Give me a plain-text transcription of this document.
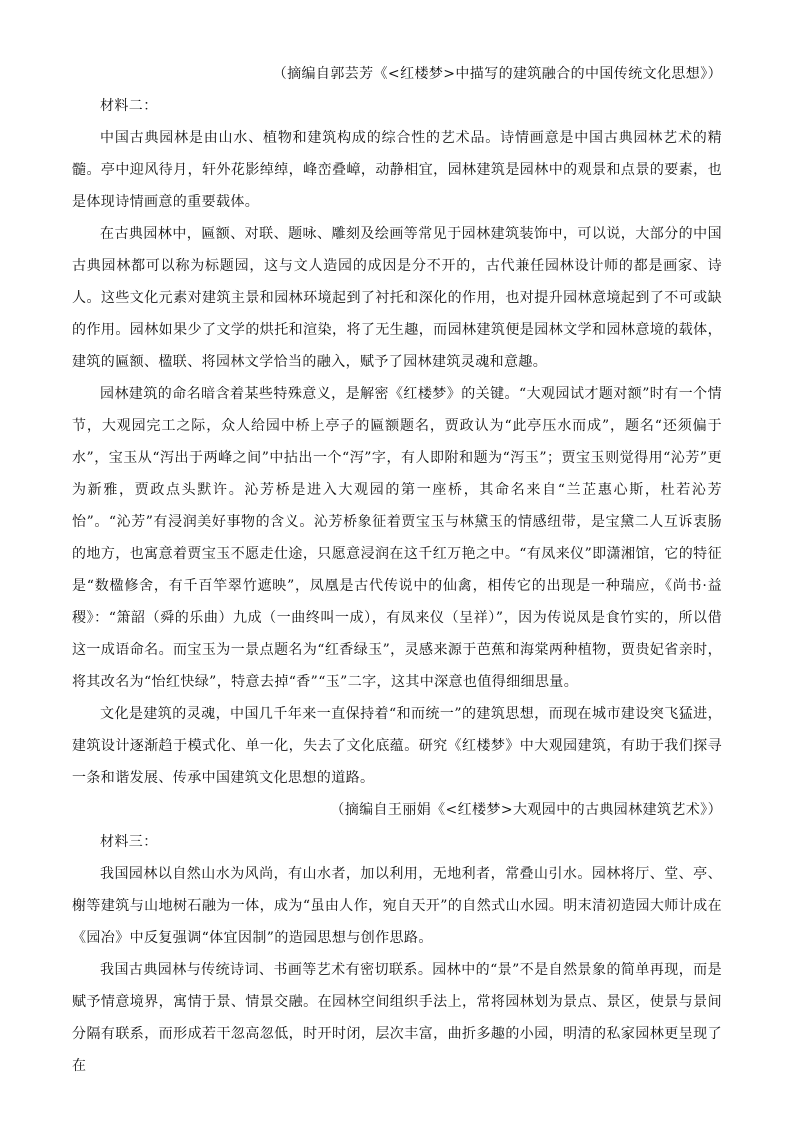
（摘编自郭芸芳《<红楼梦>中描写的建筑融合的中国传统文化思想》）

材料二：

中国古典园林是由山水、植物和建筑构成的综合性的艺术品。诗情画意是中国古典园林艺术的精髓。亭中迎风待月，轩外花影绰绰，峰峦叠嶂，动静相宜，园林建筑是园林中的观景和点景的要素，也是体现诗情画意的重要载体。

在古典园林中，匾额、对联、题咏、雕刻及绘画等常见于园林建筑装饰中，可以说，大部分的中国古典园林都可以称为标题园，这与文人造园的成因是分不开的，古代兼任园林设计师的都是画家、诗人。这些文化元素对建筑主景和园林环境起到了衬托和深化的作用，也对提升园林意境起到了不可或缺的作用。园林如果少了文学的烘托和渲染，将了无生趣，而园林建筑便是园林文学和园林意境的载体，建筑的匾额、楹联、将园林文学恰当的融入，赋予了园林建筑灵魂和意趣。

园林建筑的命名暗含着某些特殊意义，是解密《红楼梦》的关键。“大观园试才题对额”时有一个情节，大观园完工之际，众人给园中桥上亭子的匾额题名，贾政认为“此亭压水而成”，题名“还须偏于水”，宝玉从“泻出于两峰之间”中拈出一个“泻”字，有人即附和题为“泻玉”；贾宝玉则觉得用“沁芳”更为新雅，贾政点头默许。沁芳桥是进入大观园的第一座桥，其命名来自“兰芷惠心斯，杜若沁芳怡”。“沁芳”有浸润美好事物的含义。沁芳桥象征着贾宝玉与林黛玉的情感纽带，是宝黛二人互诉衷肠的地方，也寓意着贾宝玉不愿走仕途，只愿意浸润在这千红万艳之中。“有凤来仪”即潇湘馆，它的特征是“数楹修舍，有千百竿翠竹遮映”，凤凰是古代传说中的仙禽，相传它的出现是一种瑞应，《尚书·益稷》：“箫韶（舜的乐曲）九成（一曲终叫一成），有凤来仪（呈祥）”，因为传说凤是食竹实的，所以借这一成语命名。而宝玉为一景点题名为“红香绿玉”，灵感来源于芭蕉和海棠两种植物，贾贵妃省亲时，将其改名为“怡红快绿”，特意去掉“香”“玉”二字，这其中深意也值得细细思量。

文化是建筑的灵魂，中国几千年来一直保持着“和而统一”的建筑思想，而现在城市建设突飞猛进，建筑设计逐渐趋于模式化、单一化，失去了文化底蕴。研究《红楼梦》中大观园建筑，有助于我们探寻一条和谐发展、传承中国建筑文化思想的道路。

（摘编自王丽娟《<红楼梦>大观园中的古典园林建筑艺术》）

材料三：

我国园林以自然山水为风尚，有山水者，加以利用，无地利者，常叠山引水。园林将厅、堂、亭、榭等建筑与山地树石融为一体，成为“虽由人作，宛自天开”的自然式山水园。明末清初造园大师计成在《园冶》中反复强调“体宜因制”的造园思想与创作思路。

我国古典园林与传统诗词、书画等艺术有密切联系。园林中的“景”不是自然景象的简单再现，而是赋予情意境界，寓情于景、情景交融。在园林空间组织手法上，常将园林划为景点、景区，使景与景间分隔有联系，而形成若干忽高忽低，时开时闭，层次丰富，曲折多趣的小园，明清的私家园林更呈现了在
